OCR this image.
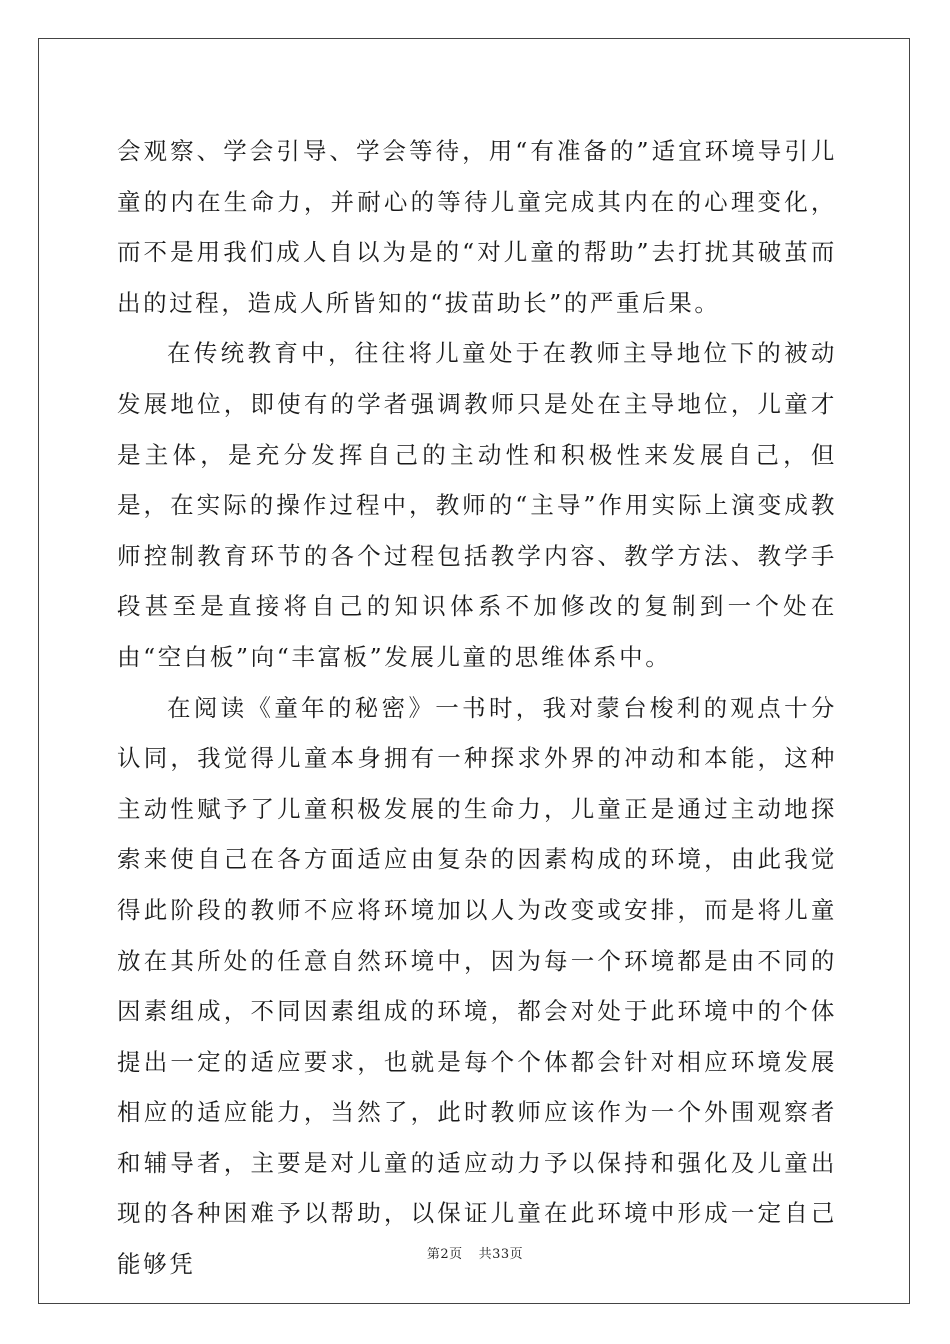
会观察、学会引导、学会等待，用“有准备的”适宜环境导引儿童的内在生命力，并耐心的等待儿童完成其内在的心理变化，而不是用我们成人自以为是的“对儿童的帮助”去打扰其破茧而出的过程，造成人所皆知的“拔苗助长”的严重后果。

在传统教育中，往往将儿童处于在教师主导地位下的被动发展地位，即使有的学者强调教师只是处在主导地位，儿童才是主体，是充分发挥自己的主动性和积极性来发展自己，但是，在实际的操作过程中，教师的“主导”作用实际上演变成教师控制教育环节的各个过程包括教学内容、教学方法、教学手段甚至是直接将自己的知识体系不加修改的复制到一个处在由“空白板”向“丰富板”发展儿童的思维体系中。

在阅读《童年的秘密》一书时，我对蒙台梭利的观点十分认同，我觉得儿童本身拥有一种探求外界的冲动和本能，这种主动性赋予了儿童积极发展的生命力，儿童正是通过主动地探索来使自己在各方面适应由复杂的因素构成的环境，由此我觉得此阶段的教师不应将环境加以人为改变或安排，而是将儿童放在其所处的任意自然环境中，因为每一个环境都是由不同的因素组成，不同因素组成的环境，都会对处于此环境中的个体提出一定的适应要求，也就是每个个体都会针对相应环境发展相应的适应能力，当然了，此时教师应该作为一个外围观察者和辅导者，主要是对儿童的适应动力予以保持和强化及儿童出现的各种困难予以帮助，以保证儿童在此环境中形成一定自己能够凭	第2页 共33页
